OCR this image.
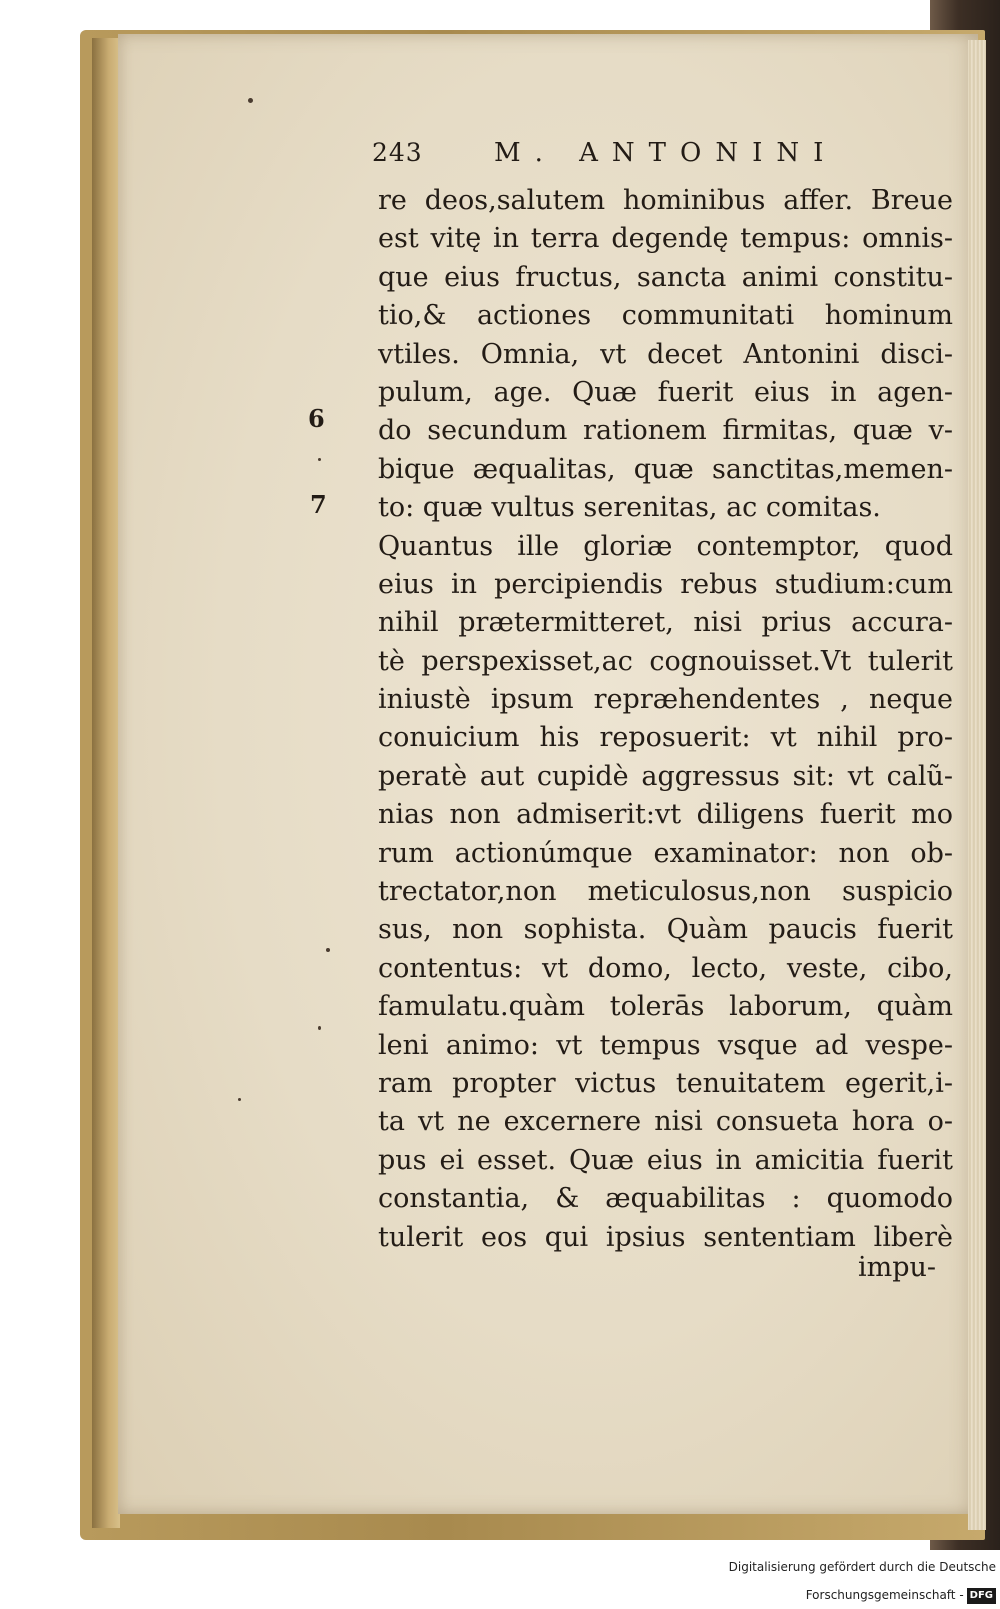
243	M. ANTONINI
6
7
re deos,salutem hominibus affer. Breue
est vitę in terra degendę tempus: omnis-
que eius fructus, sancta animi constitu-
tio,& actiones communitati hominum
vtiles. Omnia, vt decet Antonini disci-
pulum, age. Quæ fuerit eius in agen-
do secundum rationem firmitas, quæ v-
bique æqualitas, quæ sanctitas,memen-
to: quæ vultus serenitas, ac comitas.
Quantus ille gloriæ contemptor, quod
eius in percipiendis rebus studium:cum
nihil prætermitteret, nisi prius accura-
tè perspexisset,ac cognouisset.Vt tulerit
iniustè ipsum repræhendentes , neque
conuicium his reposuerit: vt nihil pro-
peratè aut cupidè aggressus sit: vt calũ-
nias non admiserit:vt diligens fuerit mo
rum actionúmque examinator: non ob-
trectator,non meticulosus,non suspicio
sus, non sophista. Quàm paucis fuerit
contentus: vt domo, lecto, veste, cibo,
famulatu.quàm tolerās laborum, quàm
leni animo: vt tempus vsque ad vespe-
ram propter victus tenuitatem egerit,i-
ta vt ne excernere nisi consueta hora o-
pus ei esset. Quæ eius in amicitia fuerit
constantia, & æquabilitas : quomodo
tulerit eos qui ipsius sententiam liberè
impu-
Digitalisierung gefördert durch die Deutsche Forschungsgemeinschaft - DFG
